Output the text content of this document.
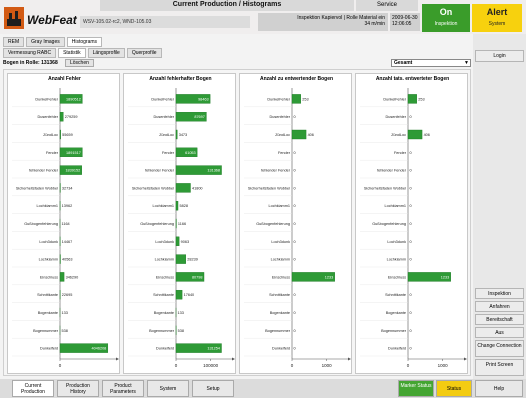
WebFeat	WSV-105.02-rc2, WND-105.03
Current Production / Histograms	Service
Inspektion Kapiervol | Rolle Material ein
34 m/min
2009-06-30
12:06:05
On
Inspektion
Alert
System
REM	Gray Images	Histograms
Vermessung RABC	Statistik	Längsprofile	Querprofile
Bogen in Rolle: 131368	Löschen	Gesamt	▼
Anzahl Fehler
0
DunkelFehler 1890512
Dusenfehler 279259
ZündLoc 55659
Fender 1891517
fehlender Fender 1839152
Sicherheitsfaden Wobbel 32734
Lochkiamm1 13962
Gußbogenfehlerung 1164
Loch3dunk 14467
Lochkiamm 40563
Einschluss 346290
Schnittkante 22695
Bogenkante 133
Bogennummer 538
Dunkelfeld	4046208
Anzahl fehlerhafter Bogen
0	100000
DunkelFehler	98463
Dusenfehler	87697
ZündLoc 3473
Fender	61053
fehlender Fender	131368
Sicherheitsfaden Wobbel	41800
Lochkiamm1 5828
Gußbogenfehlerung 1166
Loch3dunk 9063
Lochkiamm	28239
Einschluss	80798
Schnittkante	17640
Bogenkante 133
Bogennummer 538
Dunkelfeld	131254
Anzahl zu entwertender Bogen
0	1000
DunkelFehler	253
Dusenfehler 0
ZündLoc	406
Fender 0
fehlender Fender 0
Sicherheitsfaden Wobbel 0
Lochkiamm1 0
Gußbogenfehlerung 0
Loch3dunk 0
Lochkiamm 0
Einschluss	1233
Schnittkante 0
Bogenkante 0
Bogennummer 0
Dunkelfeld 0
Anzahl tats. entwerteter Bogen
0	1000
DunkelFehler	253
Dusenfehler 0
ZündLoc	406
Fender 0
fehlender Fender 0
Sicherheitsfaden Wobbel 0
Lochkiamm1 0
Gußbogenfehlerung 0
Loch3dunk 0
Lochkiamm 0
Einschluss	1233
Schnittkante 0
Bogenkante 0
Bogennummer 0
Dunkelfeld 0
Login
Inspektion
Anfahren
Bereitschaft
Aus
Change Connection
Print Screen
Current Production
Production History
Product Parameters	System	Setup	Marker Status	Status	Help
